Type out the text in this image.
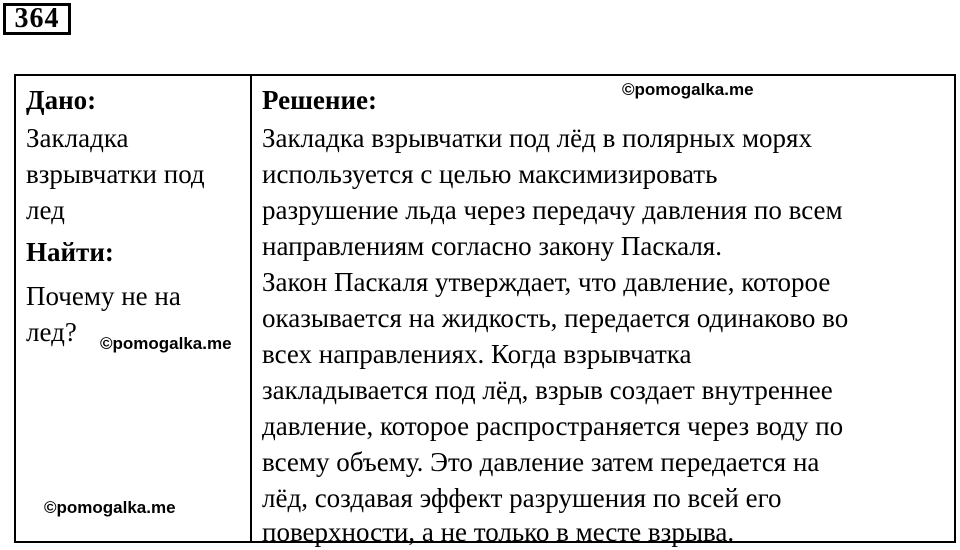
364
Дано:
Закладка
взрывчатки под
лед
Найти:
Почему не на
лед?
Решение:
Закладка взрывчатки под лёд в полярных морях
используется с целью максимизировать
разрушение льда через передачу давления по всем
направлениям согласно закону Паскаля.
Закон Паскаля утверждает, что давление, которое
оказывается на жидкость, передается одинаково во
всех направлениях. Когда взрывчатка
закладывается под лёд, взрыв создает внутреннее
давление, которое распространяется через воду по
всему объему. Это давление затем передается на
лёд, создавая эффект разрушения по всей его
поверхности, а не только в месте взрыва.
©pomogalka.me
©pomogalka.me
©pomogalka.me
